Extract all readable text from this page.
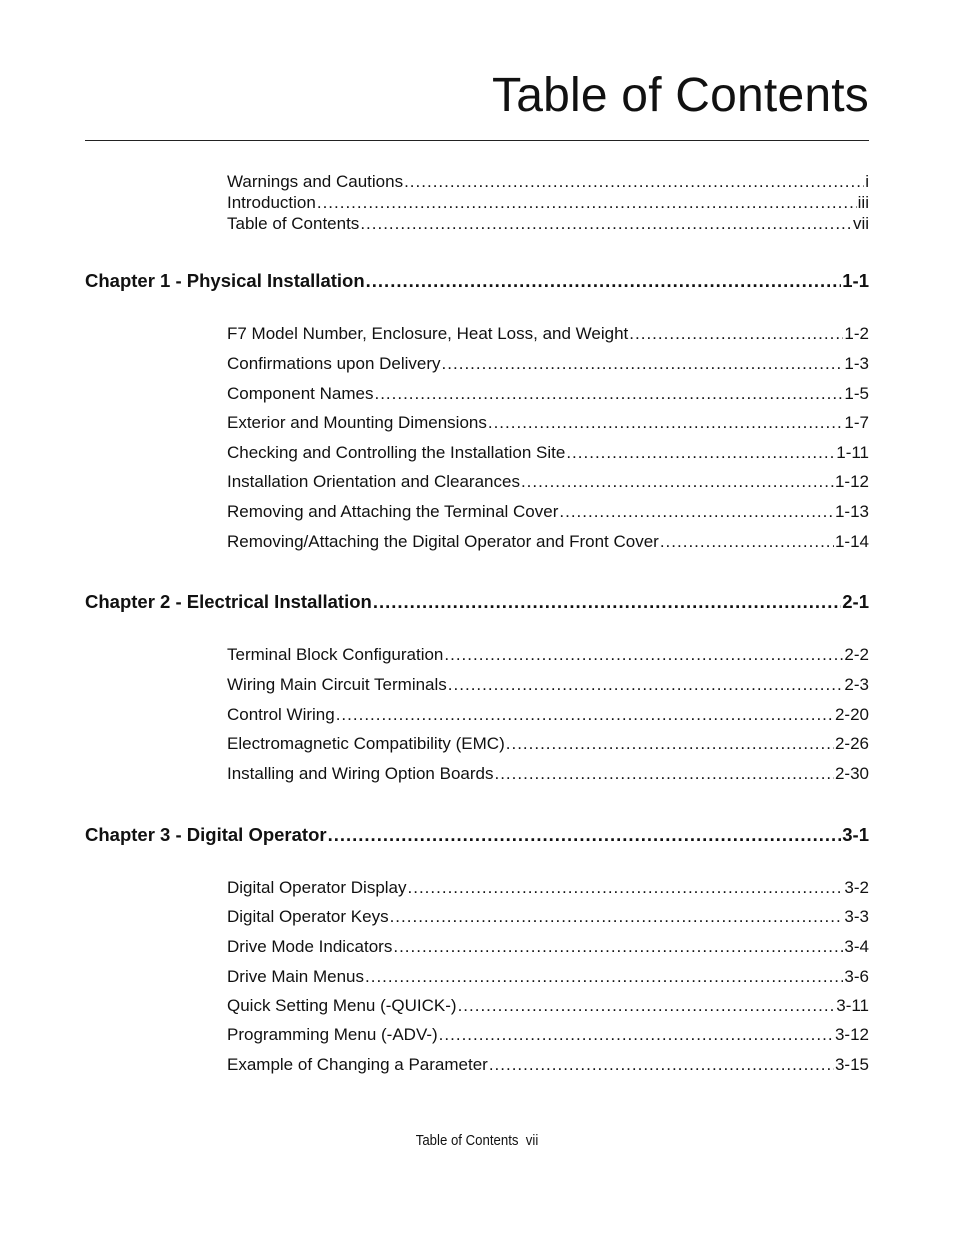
Table of Contents
Warnings and Cautions .....	i
Introduction .....	iii
Table of Contents .....	vii
Chapter 1 - Physical Installation .....	1-1
F7 Model Number, Enclosure, Heat Loss, and Weight .....	1-2
Confirmations upon Delivery .....	1-3
Component Names .....	1-5
Exterior and Mounting Dimensions .....	1-7
Checking and Controlling the Installation Site .....	1-11
Installation Orientation and Clearances .....	1-12
Removing and Attaching the Terminal Cover .....	1-13
Removing/Attaching the Digital Operator and Front Cover .....	1-14
Chapter 2 - Electrical Installation .....	2-1
Terminal Block Configuration .....	2-2
Wiring Main Circuit Terminals .....	2-3
Control Wiring .....	2-20
Electromagnetic Compatibility (EMC) .....	2-26
Installing and Wiring Option Boards .....	2-30
Chapter 3 - Digital Operator .....	3-1
Digital Operator Display .....	3-2
Digital Operator Keys .....	3-3
Drive Mode Indicators .....	3-4
Drive Main Menus .....	3-6
Quick Setting Menu (-QUICK-) .....	3-11
Programming Menu (-ADV-) .....	3-12
Example of Changing a Parameter .....	3-15
Table of Contents  vii
